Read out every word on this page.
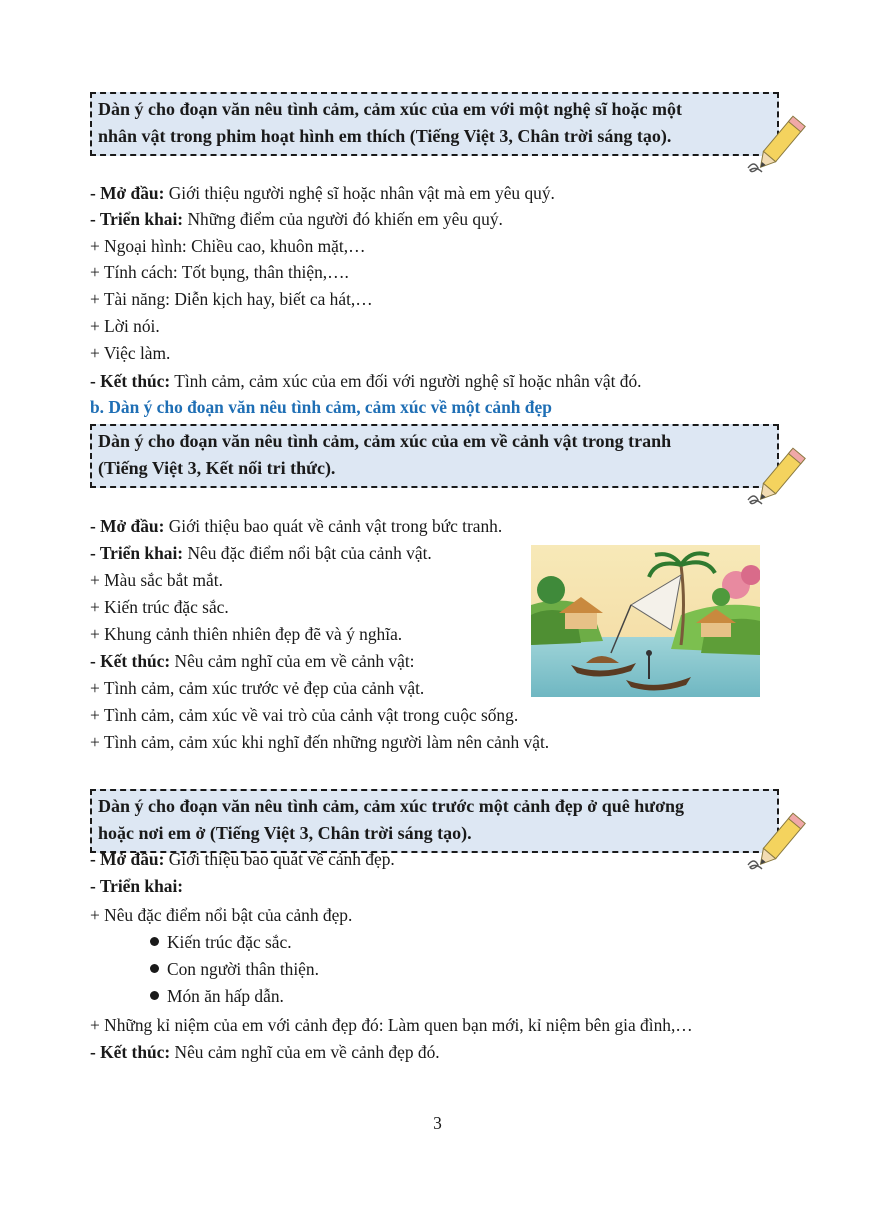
Dàn ý cho đoạn văn nêu tình cảm, cảm xúc của em với một nghệ sĩ hoặc một
nhân vật trong phim hoạt hình em thích (Tiếng Việt 3, Chân trời sáng tạo).
- Mở đầu: Giới thiệu người nghệ sĩ hoặc nhân vật mà em yêu quý.
- Triển khai: Những điểm của người đó khiến em yêu quý.
+ Ngoại hình: Chiều cao, khuôn mặt,…
+ Tính cách: Tốt bụng, thân thiện,….
+ Tài năng: Diễn kịch hay, biết ca hát,…
+ Lời nói.
+ Việc làm.
- Kết thúc: Tình cảm, cảm xúc của em đối với người nghệ sĩ hoặc nhân vật đó.
b. Dàn ý cho đoạn văn nêu tình cảm, cảm xúc về một cảnh đẹp
Dàn ý cho đoạn văn nêu tình cảm, cảm xúc của em về cảnh vật trong tranh
(Tiếng Việt 3, Kết nối tri thức).
- Mở đầu: Giới thiệu bao quát về cảnh vật trong bức tranh.
- Triển khai: Nêu đặc điểm nổi bật của cảnh vật.
+ Màu sắc bắt mắt.
+ Kiến trúc đặc sắc.
+ Khung cảnh thiên nhiên đẹp đẽ và ý nghĩa.
- Kết thúc: Nêu cảm nghĩ của em về cảnh vật:
+ Tình cảm, cảm xúc trước vẻ đẹp của cảnh vật.
+ Tình cảm, cảm xúc về vai trò của cảnh vật trong cuộc sống.
+ Tình cảm, cảm xúc khi nghĩ đến những người làm nên cảnh vật.
Dàn ý cho đoạn văn nêu tình cảm, cảm xúc trước một cảnh đẹp ở quê hương
hoặc nơi em ở (Tiếng Việt 3, Chân trời sáng tạo).
- Mở đầu: Giới thiệu bao quát về cảnh đẹp.
- Triển khai:
+ Nêu đặc điểm nổi bật của cảnh đẹp.
Kiến trúc đặc sắc.
Con người thân thiện.
Món ăn hấp dẫn.
+ Những kỉ niệm của em với cảnh đẹp đó: Làm quen bạn mới, kỉ niệm bên gia đình,…
- Kết thúc: Nêu cảm nghĩ của em về cảnh đẹp đó.
3
